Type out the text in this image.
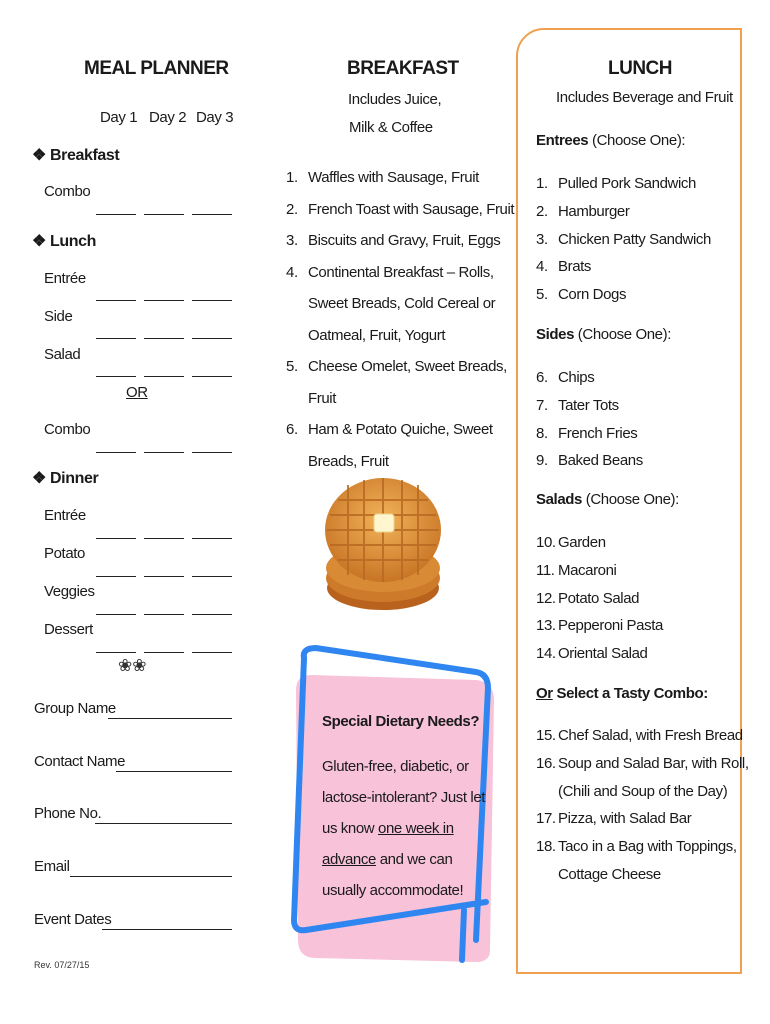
MEAL PLANNER
Day 1 Day 2 Day 3
❖ Breakfast
Combo
❖ Lunch
Entrée
Side
Salad
OR
Combo
❖ Dinner
Entrée
Potato
Veggies
Dessert
❀❀
Group Name
Contact Name
Phone No.
Email
Event Dates
Rev. 07/27/15
BREAKFAST
Includes Juice,
Milk & Coffee
1. Waffles with Sausage, Fruit
2. French Toast with Sausage, Fruit
3. Biscuits and Gravy, Fruit, Eggs
4. Continental Breakfast – Rolls,
Sweet Breads, Cold Cereal or
Oatmeal, Fruit, Yogurt
5. Cheese Omelet, Sweet Breads,
Fruit
6. Ham & Potato Quiche, Sweet
Breads, Fruit
Special Dietary Needs?
Gluten-free, diabetic, or
lactose-intolerant? Just let
us know one week in
advance and we can
usually accommodate!
LUNCH
Includes Beverage and Fruit
Entrees (Choose One):
1. Pulled Pork Sandwich
2. Hamburger
3. Chicken Patty Sandwich
4. Brats
5. Corn Dogs
Sides (Choose One):
6. Chips
7. Tater Tots
8. French Fries
9. Baked Beans
Salads (Choose One):
10. Garden
11. Macaroni
12. Potato Salad
13. Pepperoni Pasta
14. Oriental Salad
Or Select a Tasty Combo:
15. Chef Salad, with Fresh Bread
16. Soup and Salad Bar, with Roll,
(Chili and Soup of the Day)
17. Pizza, with Salad Bar
18. Taco in a Bag with Toppings,
Cottage Cheese
